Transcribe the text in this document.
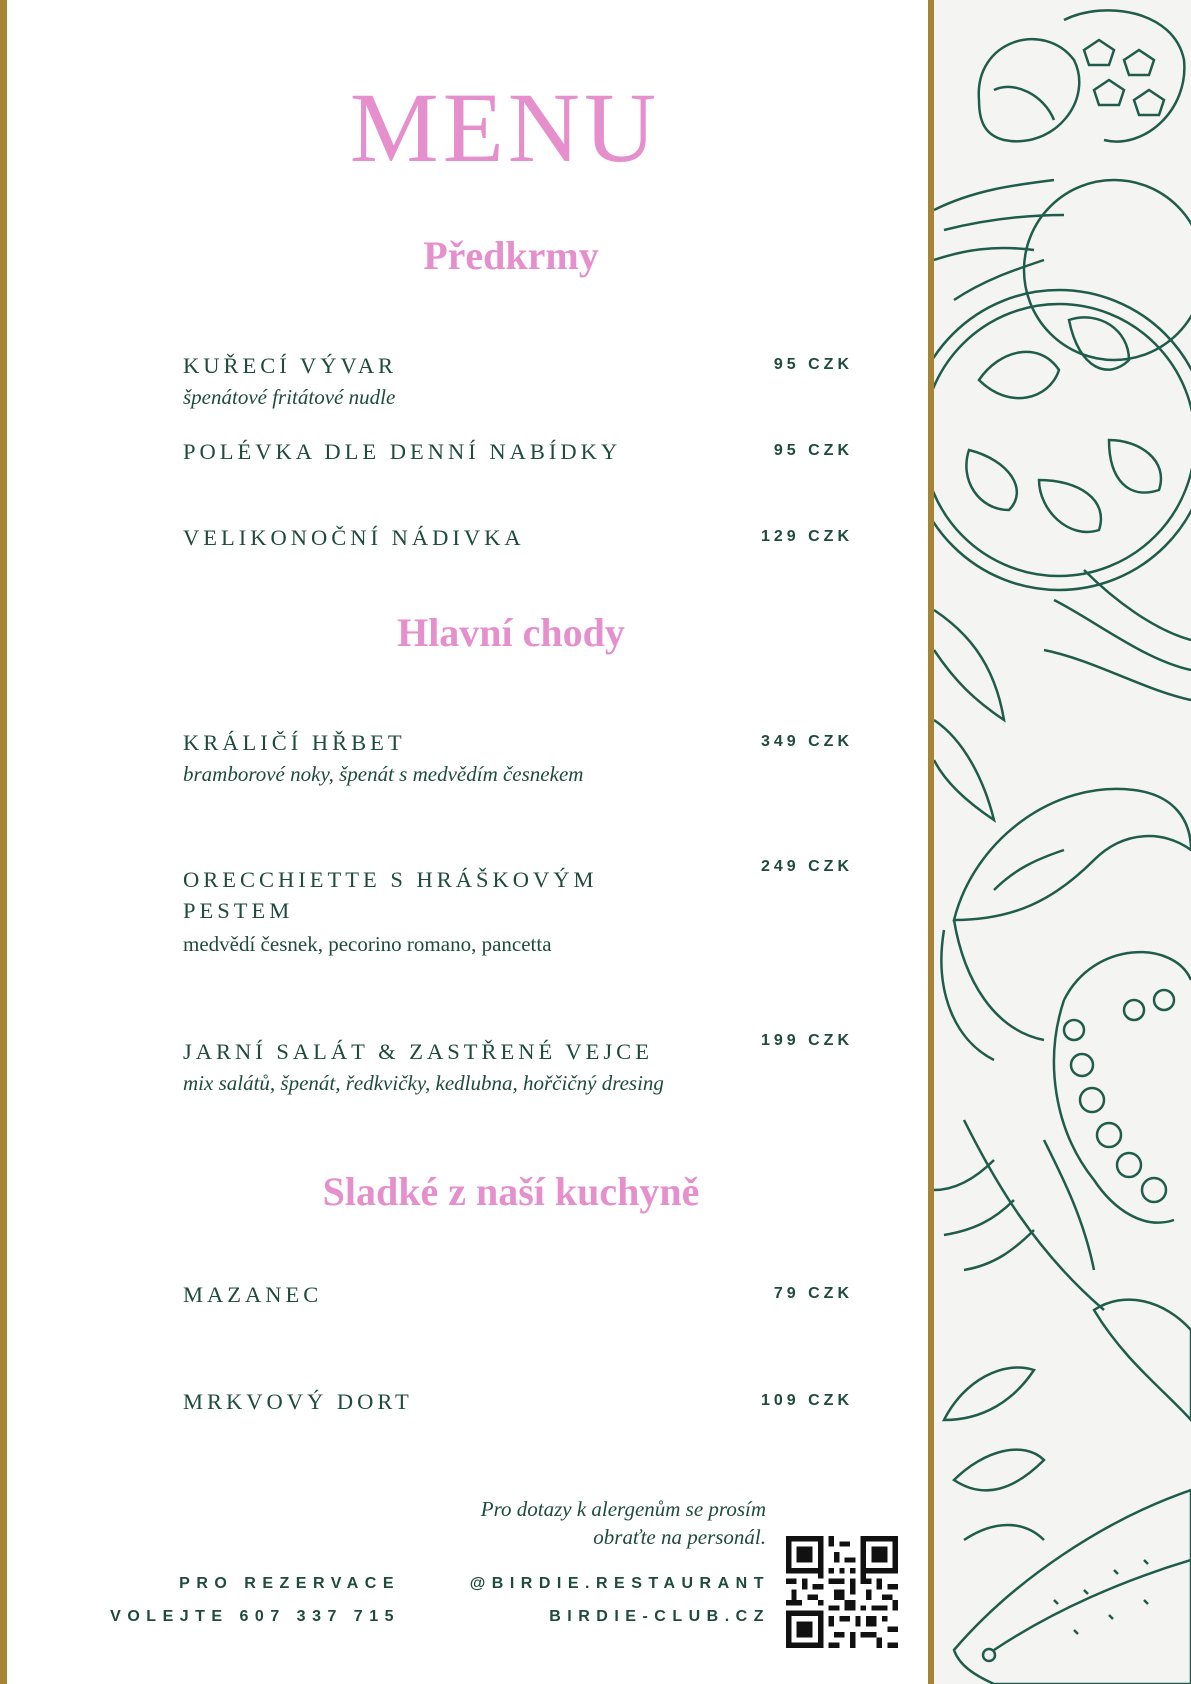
MENU
Předkrmy
KUŘECÍ VÝVAR
špenátové fritátové nudle
95 CZK
POLÉVKA DLE DENNÍ NABÍDKY	95 CZK
VELIKONOČNÍ NÁDIVKA	129 CZK
Hlavní chody
KRÁLIČÍ HŘBET
bramborové noky, špenát s medvědím česnekem
349 CZK
ORECCHIETTE S HRÁŠKOVÝM PESTEM
medvědí česnek, pecorino romano, pancetta
249 CZK
JARNÍ SALÁT & ZASTŘENÉ VEJCE
mix salátů, špenát, ředkvičky, kedlubna, hořčičný dresing
199 CZK
Sladké z naší kuchyně
MAZANEC	79 CZK
MRKVOVÝ DORT	109 CZK
Pro dotazy k alergenům se prosím
obraťte na personál.
PRO REZERVACE
VOLEJTE 607 337 715
@BIRDIE.RESTAURANT
BIRDIE-CLUB.CZ
